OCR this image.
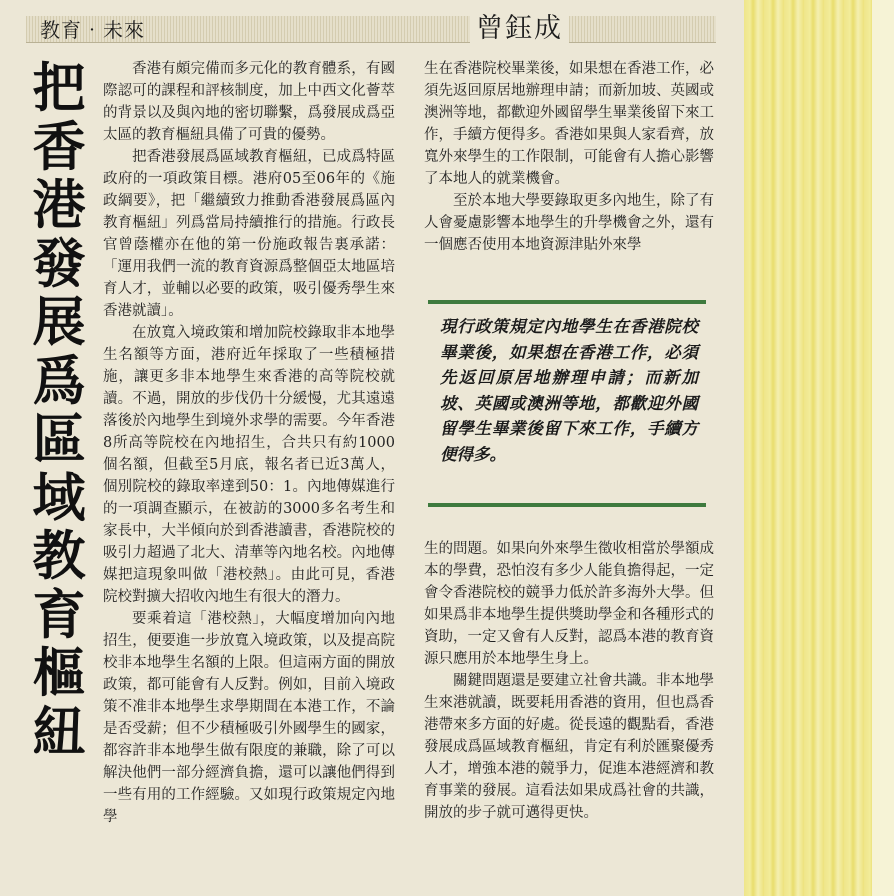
教育‧未來	曾鈺成
把香港發展爲區域教育樞紐

香港有頗完備而多元化的教育體系，有國際認可的課程和評核制度，加上中西文化薈萃的背景以及與內地的密切聯繫，爲發展成爲亞太區的教育樞紐具備了可貴的優勢。

把香港發展爲區域教育樞紐，已成爲特區政府的一項政策目標。港府05至06年的《施政綱要》，把「繼續致力推動香港發展爲區內教育樞紐」列爲當局持續推行的措施。行政長官曾蔭權亦在他的第一份施政報告裏承諾：「運用我們一流的教育資源爲整個亞太地區培育人才，並輔以必要的政策，吸引優秀學生來香港就讀」。

在放寬入境政策和增加院校錄取非本地學生名額等方面，港府近年採取了一些積極措施，讓更多非本地學生來香港的高等院校就讀。不過，開放的步伐仍十分緩慢，尤其遠遠落後於內地學生到境外求學的需要。今年香港8所高等院校在內地招生，合共只有約1000個名額，但截至5月底，報名者已近3萬人，個別院校的錄取率達到50：1。內地傳媒進行的一項調查顯示，在被訪的3000多名考生和家長中，大半傾向於到香港讀書，香港院校的吸引力超過了北大、清華等內地名校。內地傳媒把這現象叫做「港校熱」。由此可見，香港院校對擴大招收內地生有很大的潛力。

要乘着這「港校熱」，大幅度增加向內地招生，便要進一步放寬入境政策，以及提高院校非本地學生名額的上限。但這兩方面的開放政策，都可能會有人反對。例如，目前入境政策不准非本地學生求學期間在本港工作，不論是否受薪；但不少積極吸引外國學生的國家，都容許非本地學生做有限度的兼職，除了可以解決他們一部分經濟負擔，還可以讓他們得到一些有用的工作經驗。又如現行政策規定內地學

生在香港院校畢業後，如果想在香港工作，必須先返回原居地辦理申請；而新加坡、英國或澳洲等地，都歡迎外國留學生畢業後留下來工作，手續方便得多。香港如果與人家看齊，放寬外來學生的工作限制，可能會有人擔心影響了本地人的就業機會。

至於本地大學要錄取更多內地生，除了有人會憂慮影響本地學生的升學機會之外，還有一個應否使用本地資源津貼外來學

現行政策規定內地學生在香港院校畢業後，如果想在香港工作，必須先返回原居地辦理申請；而新加坡、英國或澳洲等地，都歡迎外國留學生畢業後留下來工作，手續方便得多。

生的問題。如果向外來學生徵收相當於學額成本的學費，恐怕沒有多少人能負擔得起，一定會令香港院校的競爭力低於許多海外大學。但如果爲非本地學生提供獎助學金和各種形式的資助，一定又會有人反對，認爲本港的教育資源只應用於本地學生身上。

關鍵問題還是要建立社會共識。非本地學生來港就讀，既要耗用香港的資用，但也爲香港帶來多方面的好處。從長遠的觀點看，香港發展成爲區域教育樞紐，肯定有利於匯聚優秀人才，增強本港的競爭力，促進本港經濟和教育事業的發展。這看法如果成爲社會的共識，開放的步子就可邁得更快。
